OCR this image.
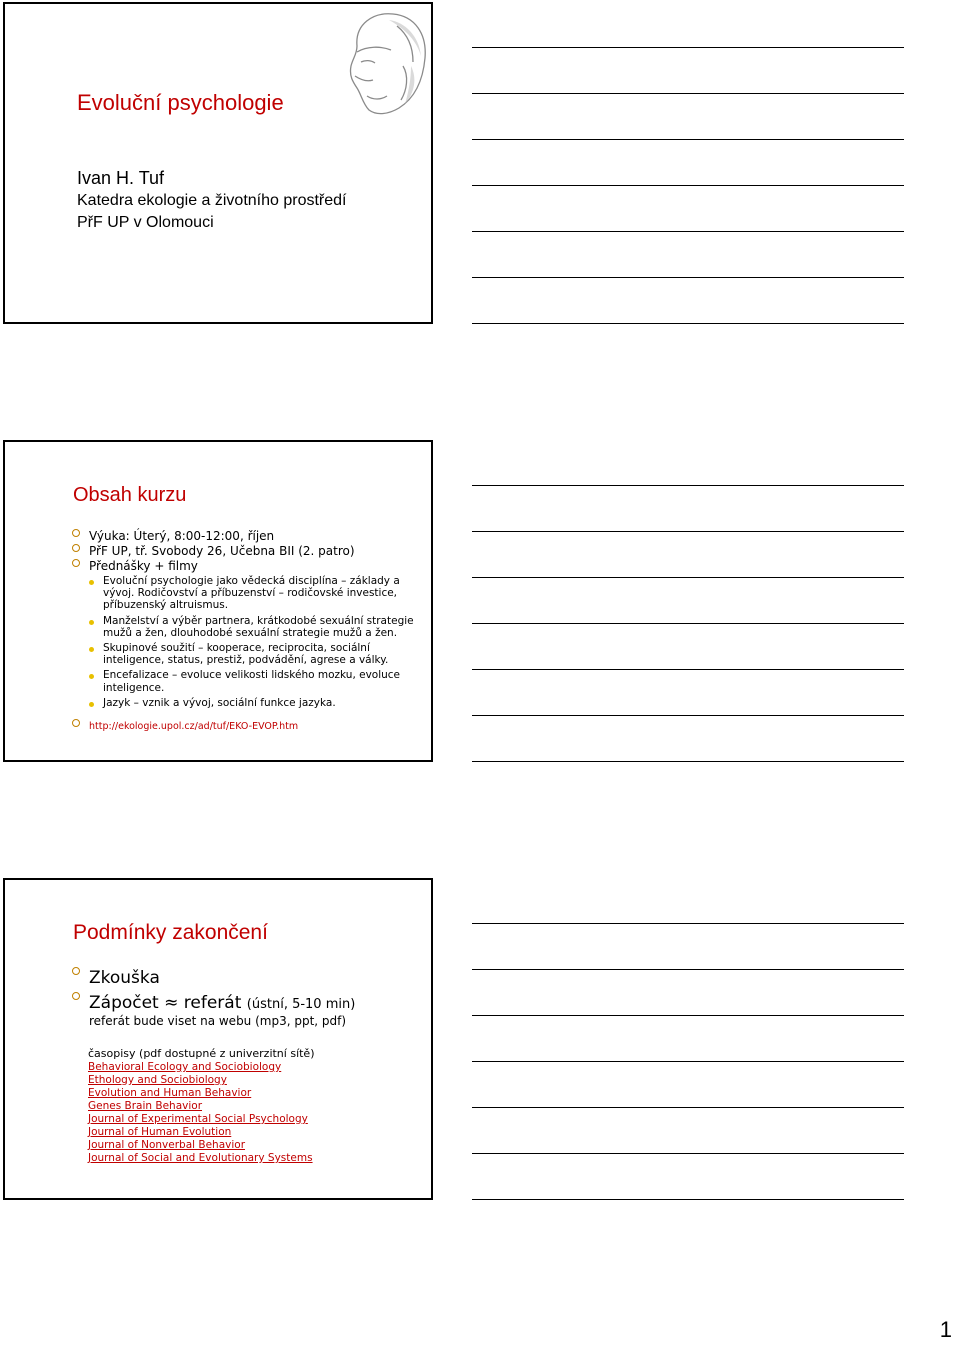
Evoluční psychologie
Ivan H. Tuf
Katedra ekologie a životního prostředí
PřF UP v Olomouci
Obsah kurzu
Výuka: Úterý, 8:00-12:00, říjen
PřF UP, tř. Svobody 26, Učebna BII (2. patro)
Přednášky + filmy
Evoluční psychologie jako vědecká disciplína – základy a vývoj. Rodičovství a příbuzenství – rodičovské investice, příbuzenský altruismus.
Manželství a výběr partnera, krátkodobé sexuální strategie mužů a žen, dlouhodobé sexuální strategie mužů a žen.
Skupinové soužití – kooperace, reciprocita, sociální inteligence, status, prestiž, podvádění, agrese a války.
Encefalizace – evoluce velikosti lidského mozku, evoluce inteligence.
Jazyk – vznik a vývoj, sociální funkce jazyka.
http://ekologie.upol.cz/ad/tuf/EKO-EVOP.htm
Podmínky zakončení
Zkouška
Zápočet ≈ referát (ústní, 5-10 min)
referát bude viset na webu (mp3, ppt, pdf)
časopisy (pdf dostupné z univerzitní sítě)
Behavioral Ecology and Sociobiology
Ethology and Sociobiology
Evolution and Human Behavior
Genes Brain Behavior
Journal of Experimental Social Psychology
Journal of Human Evolution
Journal of Nonverbal Behavior
Journal of Social and Evolutionary Systems
1
